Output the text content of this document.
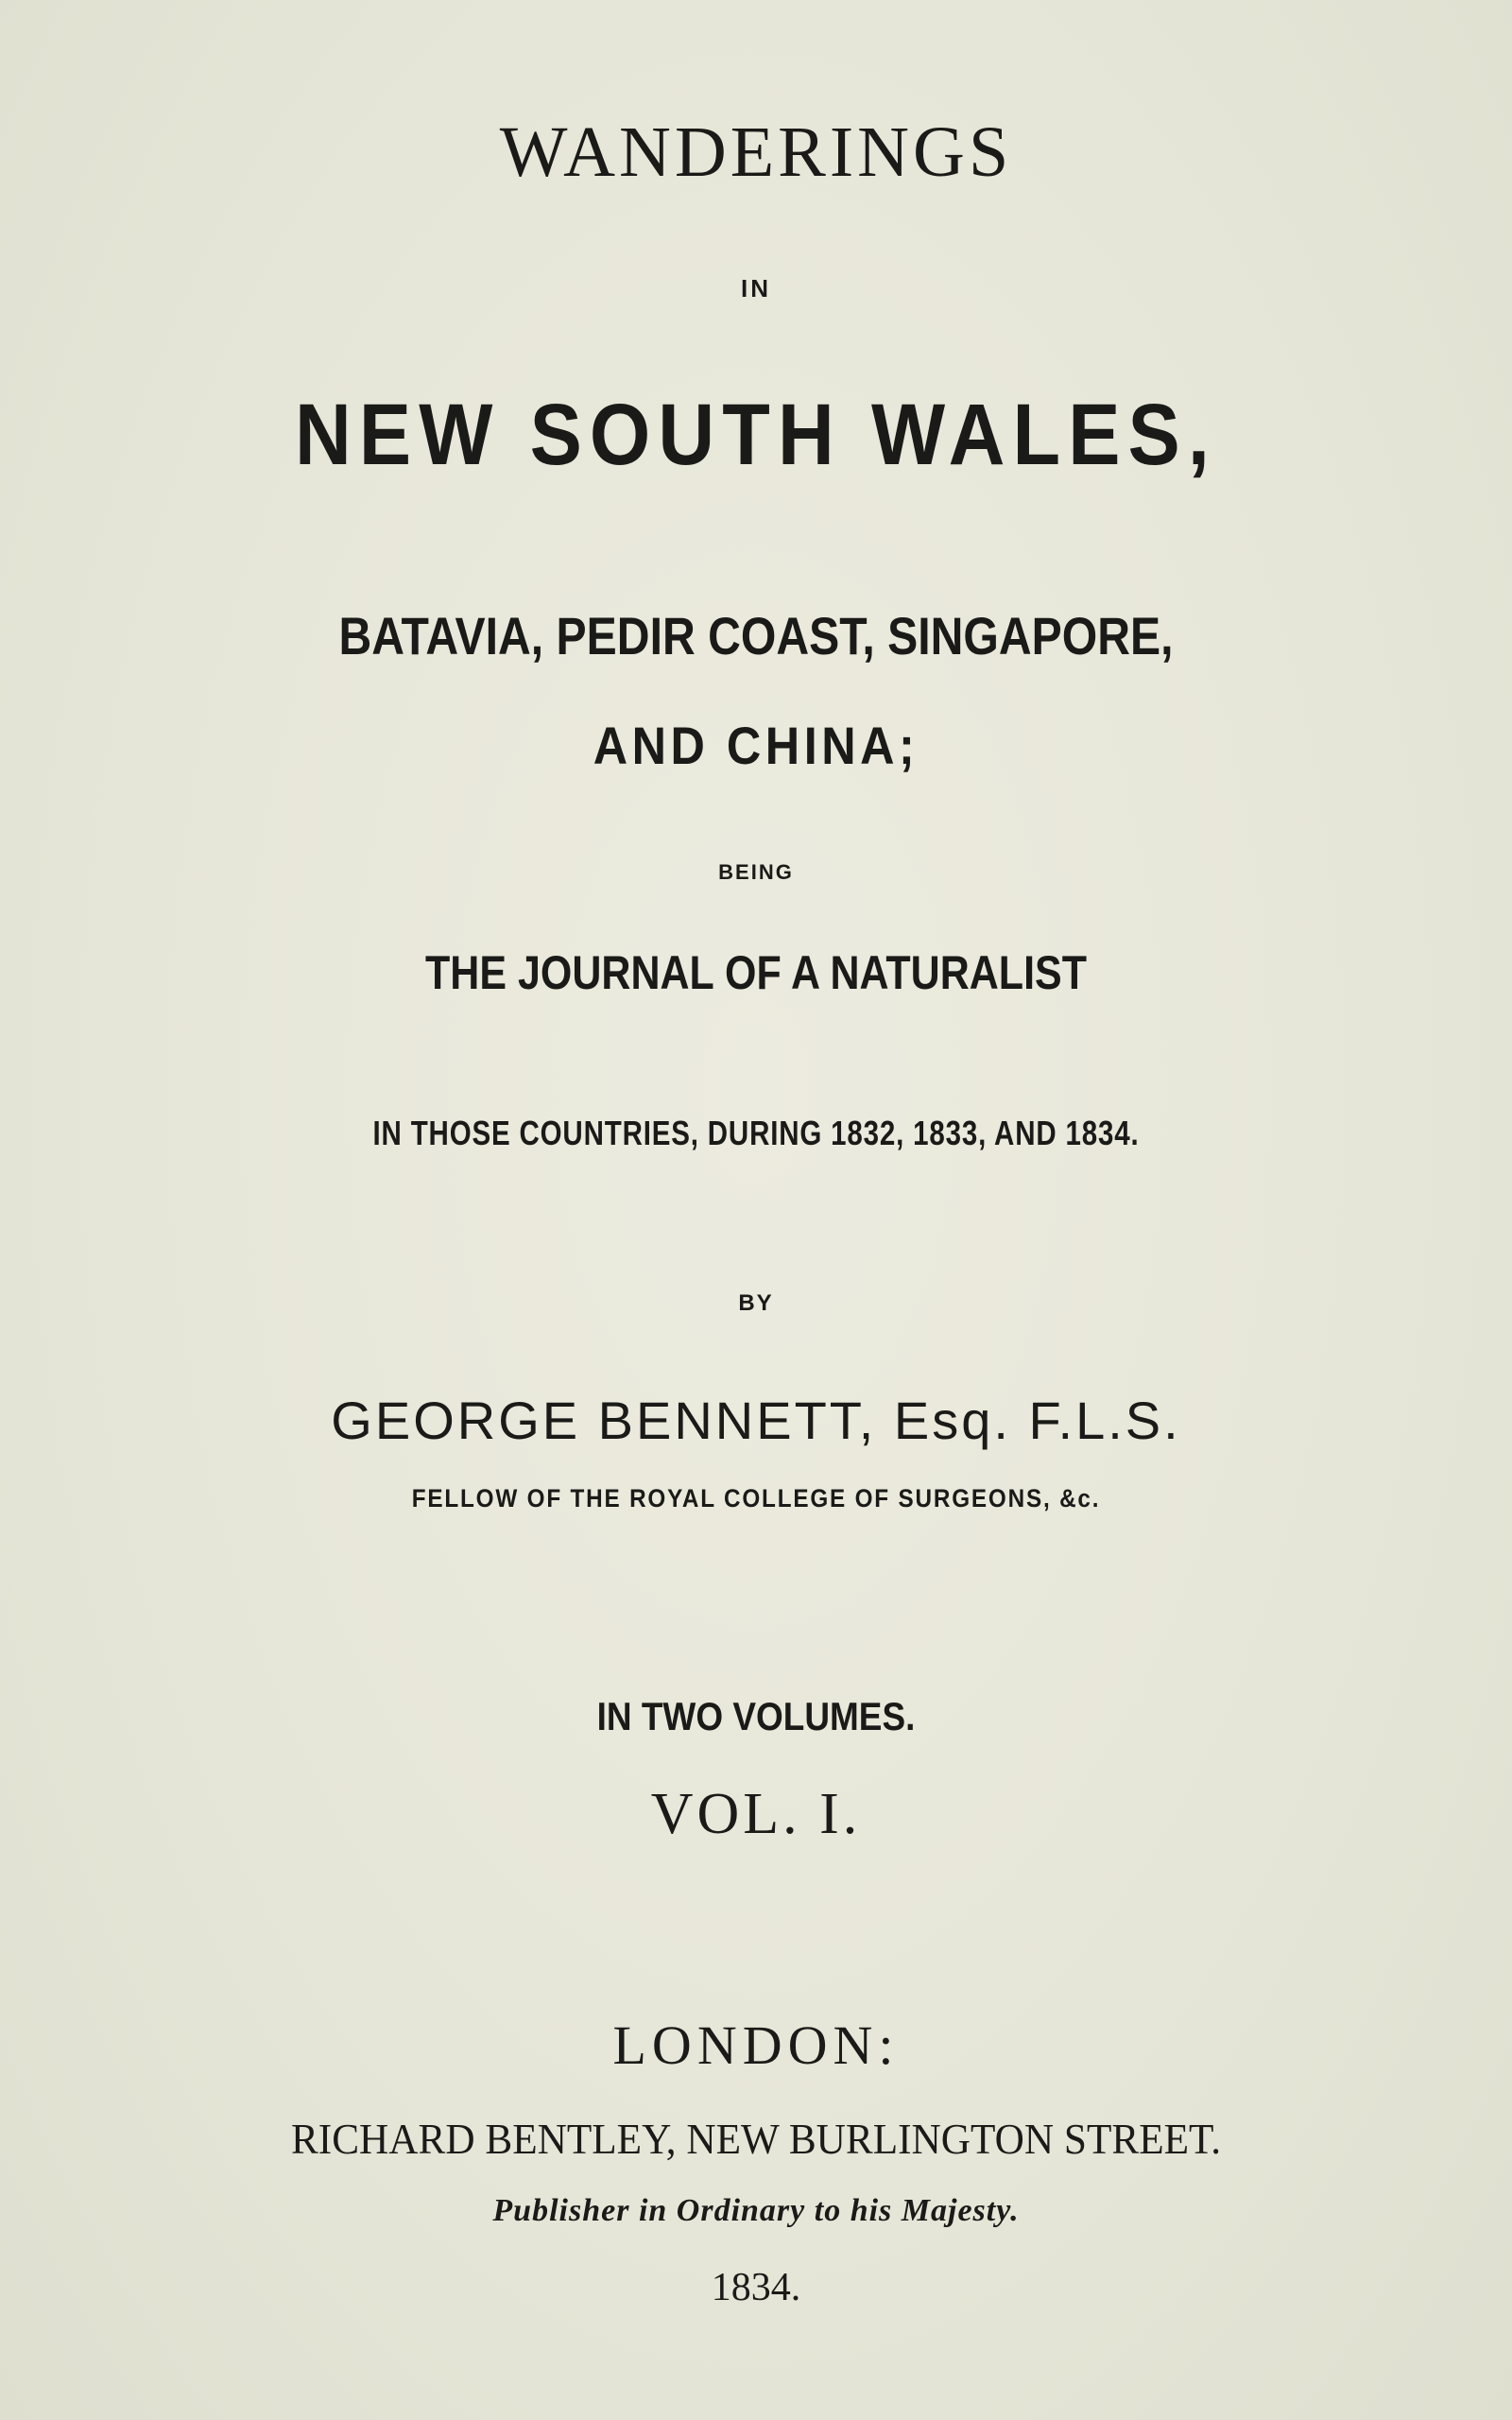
WANDERINGS
IN
NEW SOUTH WALES,
BATAVIA, PEDIR COAST, SINGAPORE,
AND CHINA;
BEING
THE JOURNAL OF A NATURALIST
IN THOSE COUNTRIES, DURING 1832, 1833, AND 1834.
BY
GEORGE BENNETT, Esq. F.L.S.
FELLOW OF THE ROYAL COLLEGE OF SURGEONS, &c.
IN TWO VOLUMES.
VOL. I.
LONDON:
RICHARD BENTLEY, NEW BURLINGTON STREET.
Publisher in Ordinary to his Majesty.
1834.
